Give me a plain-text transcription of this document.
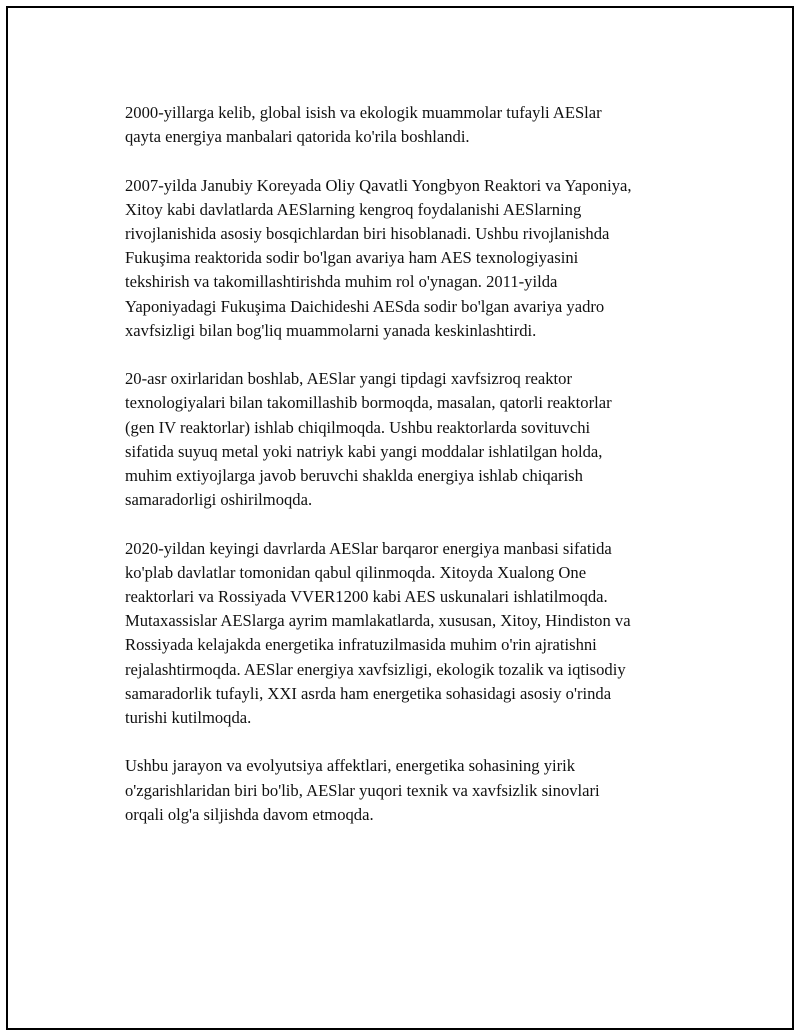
2000-yillarga kelib, global isish va ekologik muammolar tufayli AESlar
qayta energiya manbalari qatorida ko'rila boshlandi.

2007-yilda Janubiy Koreyada Oliy Qavatli Yongbyon Reaktori va Yaponiya,
Xitoy kabi davlatlarda AESlarning kengroq foydalanishi AESlarning
rivojlanishida asosiy bosqichlardan biri hisoblanadi. Ushbu rivojlanishda
Fukuşima reaktorida sodir bo'lgan avariya ham AES texnologiyasini
tekshirish va takomillashtirishda muhim rol o'ynagan. 2011-yilda
Yaponiyadagi Fukuşima Daichideshi AESda sodir bo'lgan avariya yadro
xavfsizligi bilan bog'liq muammolarni yanada keskinlashtirdi.

20-asr oxirlaridan boshlab, AESlar yangi tipdagi xavfsizroq reaktor
texnologiyalari bilan takomillashib bormoqda, masalan, qatorli reaktorlar
(gen IV reaktorlar) ishlab chiqilmoqda. Ushbu reaktorlarda sovituvchi
sifatida suyuq metal yoki natriyk kabi yangi moddalar ishlatilgan holda,
muhim extiyojlarga javob beruvchi shaklda energiya ishlab chiqarish
samaradorligi oshirilmoqda.

2020-yildan keyingi davrlarda AESlar barqaror energiya manbasi sifatida
ko'plab davlatlar tomonidan qabul qilinmoqda. Xitoyda Xualong One
reaktorlari va Rossiyada VVER1200 kabi AES uskunalari ishlatilmoqda.
Mutaxassislar AESlarga ayrim mamlakatlarda, xususan, Xitoy, Hindiston va
Rossiyada kelajakda energetika infratuzilmasida muhim o'rin ajratishni
rejalashtirmoqda. AESlar energiya xavfsizligi, ekologik tozalik va iqtisodiy
samaradorlik tufayli, XXI asrda ham energetika sohasidagi asosiy o'rinda
turishi kutilmoqda.

Ushbu jarayon va evolyutsiya affektlari, energetika sohasining yirik
o'zgarishlaridan biri bo'lib, AESlar yuqori texnik va xavfsizlik sinovlari
orqali olg'a siljishda davom etmoqda.
